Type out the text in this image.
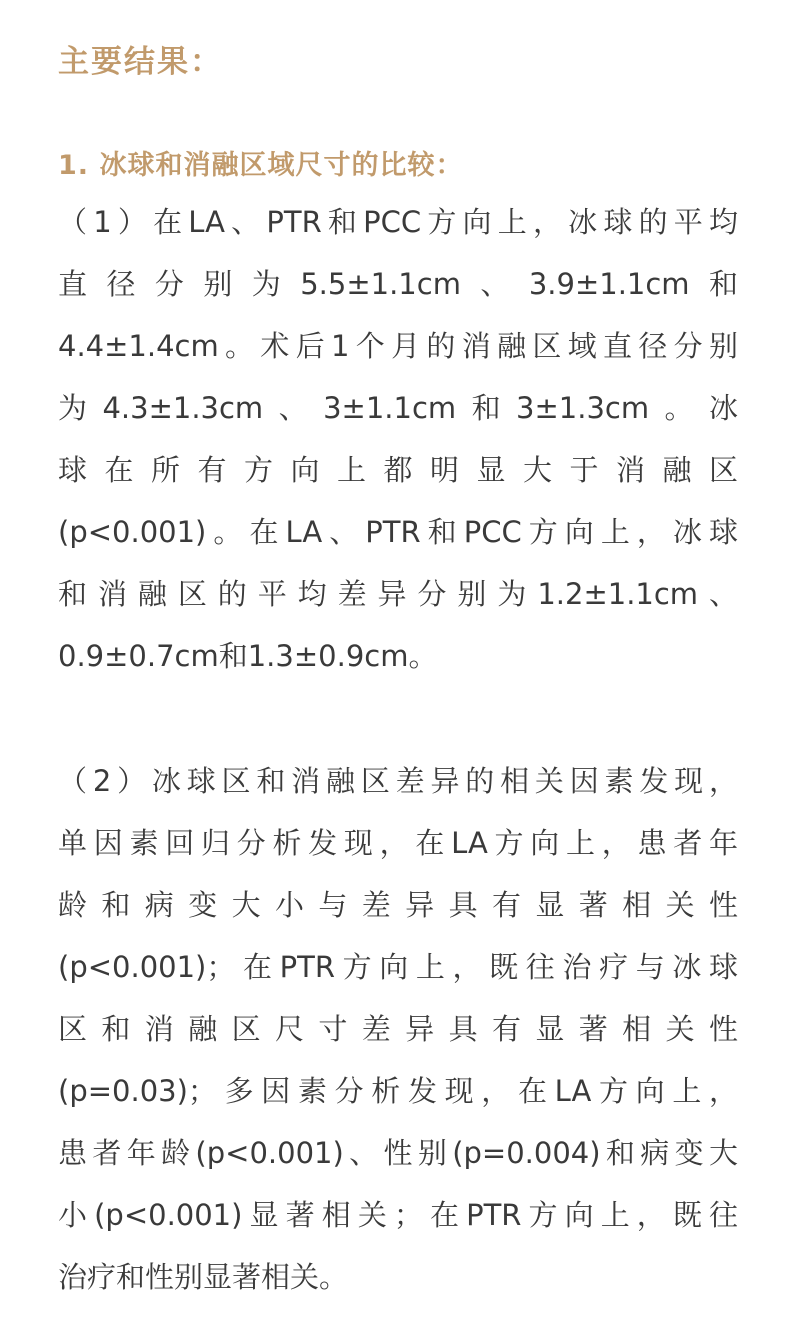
主要结果：
1. 冰球和消融区域尺寸的比较：

（1）在LA、PTR和PCC方向上，冰球的平均
直径分别为5.5±1.1cm、3.9±1.1cm和
4.4±1.4cm。术后1个月的消融区域直径分别
为4.3±1.3cm、3±1.1cm和3±1.3cm。冰
球在所有方向上都明显大于消融区
(p<0.001)。在LA、PTR和PCC方向上，冰球
和消融区的平均差异分别为1.2±1.1cm、
0.9±0.7cm和1.3±0.9cm。

（2）冰球区和消融区差异的相关因素发现，
单因素回归分析发现，在LA方向上，患者年
龄和病变大小与差异具有显著相关性
(p<0.001)；在PTR方向上，既往治疗与冰球
区和消融区尺寸差异具有显著相关性
(p=0.03)；多因素分析发现，在LA方向上，
患者年龄(p<0.001)、性别(p=0.004)和病变大
小(p<0.001)显著相关；在PTR方向上，既往
治疗和性别显著相关。
